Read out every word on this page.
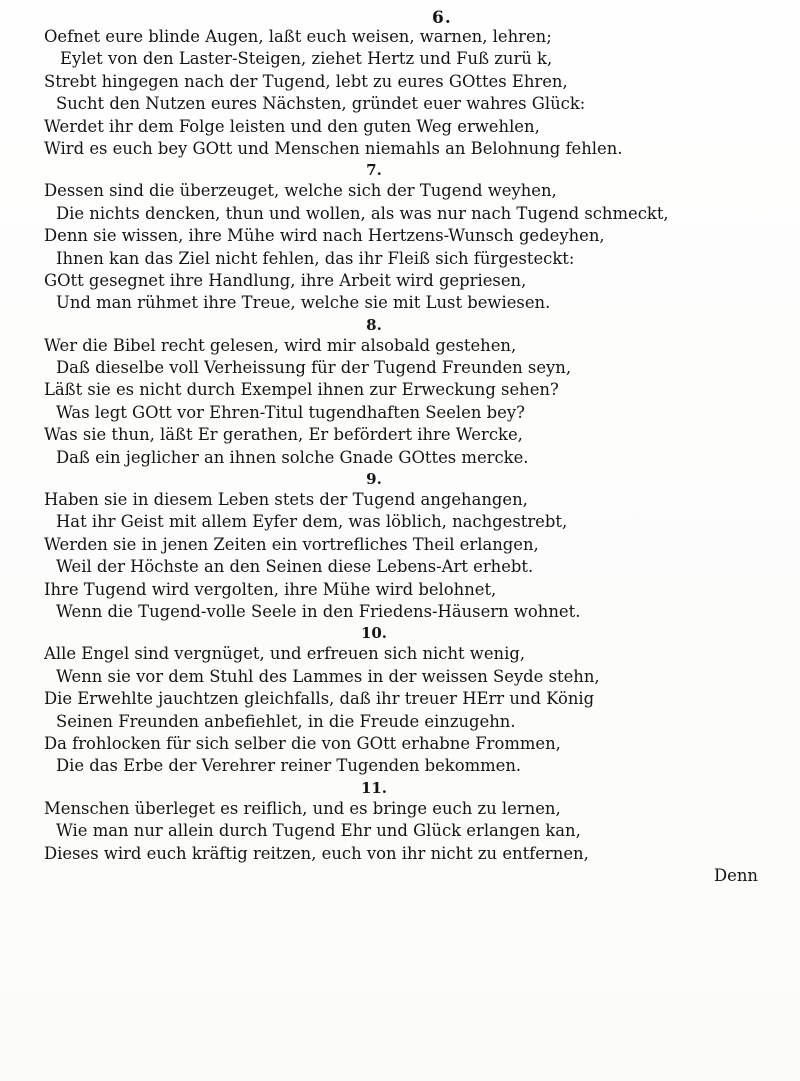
6.
Oefnet eure blinde Augen, laßt euch weisen, warnen, lehren;
Eylet von den Laster-Steigen, ziehet Hertz und Fuß zurü k,
Strebt hingegen nach der Tugend, lebt zu eures GOttes Ehren,
Sucht den Nutzen eures Nächsten, gründet euer wahres Glück:
Werdet ihr dem Folge leisten und den guten Weg erwehlen,
Wird es euch bey GOtt und Menschen niemahls an Belohnung fehlen.
7.
Dessen sind die überzeuget, welche sich der Tugend weyhen,
Die nichts dencken, thun und wollen, als was nur nach Tugend schmeckt,
Denn sie wissen, ihre Mühe wird nach Hertzens-Wunsch gedeyhen,
Ihnen kan das Ziel nicht fehlen, das ihr Fleiß sich fürgesteckt:
GOtt gesegnet ihre Handlung, ihre Arbeit wird gepriesen,
Und man rühmet ihre Treue, welche sie mit Lust bewiesen.
8.
Wer die Bibel recht gelesen, wird mir alsobald gestehen,
Daß dieselbe voll Verheissung für der Tugend Freunden seyn,
Läßt sie es nicht durch Exempel ihnen zur Erweckung sehen?
Was legt GOtt vor Ehren-Titul tugendhaften Seelen bey?
Was sie thun, läßt Er gerathen, Er befördert ihre Wercke,
Daß ein jeglicher an ihnen solche Gnade GOttes mercke.
9.
Haben sie in diesem Leben stets der Tugend angehangen,
Hat ihr Geist mit allem Eyfer dem, was löblich, nachgestrebt,
Werden sie in jenen Zeiten ein vortrefliches Theil erlangen,
Weil der Höchste an den Seinen diese Lebens-Art erhebt.
Ihre Tugend wird vergolten, ihre Mühe wird belohnet,
Wenn die Tugend-volle Seele in den Friedens-Häusern wohnet.
10.
Alle Engel sind vergnüget, und erfreuen sich nicht wenig,
Wenn sie vor dem Stuhl des Lammes in der weissen Seyde stehn,
Die Erwehlte jauchtzen gleichfalls, daß ihr treuer HErr und König
Seinen Freunden anbefiehlet, in die Freude einzugehn.
Da frohlocken für sich selber die von GOtt erhabne Frommen,
Die das Erbe der Verehrer reiner Tugenden bekommen.
11.
Menschen überleget es reiflich, und es bringe euch zu lernen,
Wie man nur allein durch Tugend Ehr und Glück erlangen kan,
Dieses wird euch kräftig reitzen, euch von ihr nicht zu entfernen,
Denn
